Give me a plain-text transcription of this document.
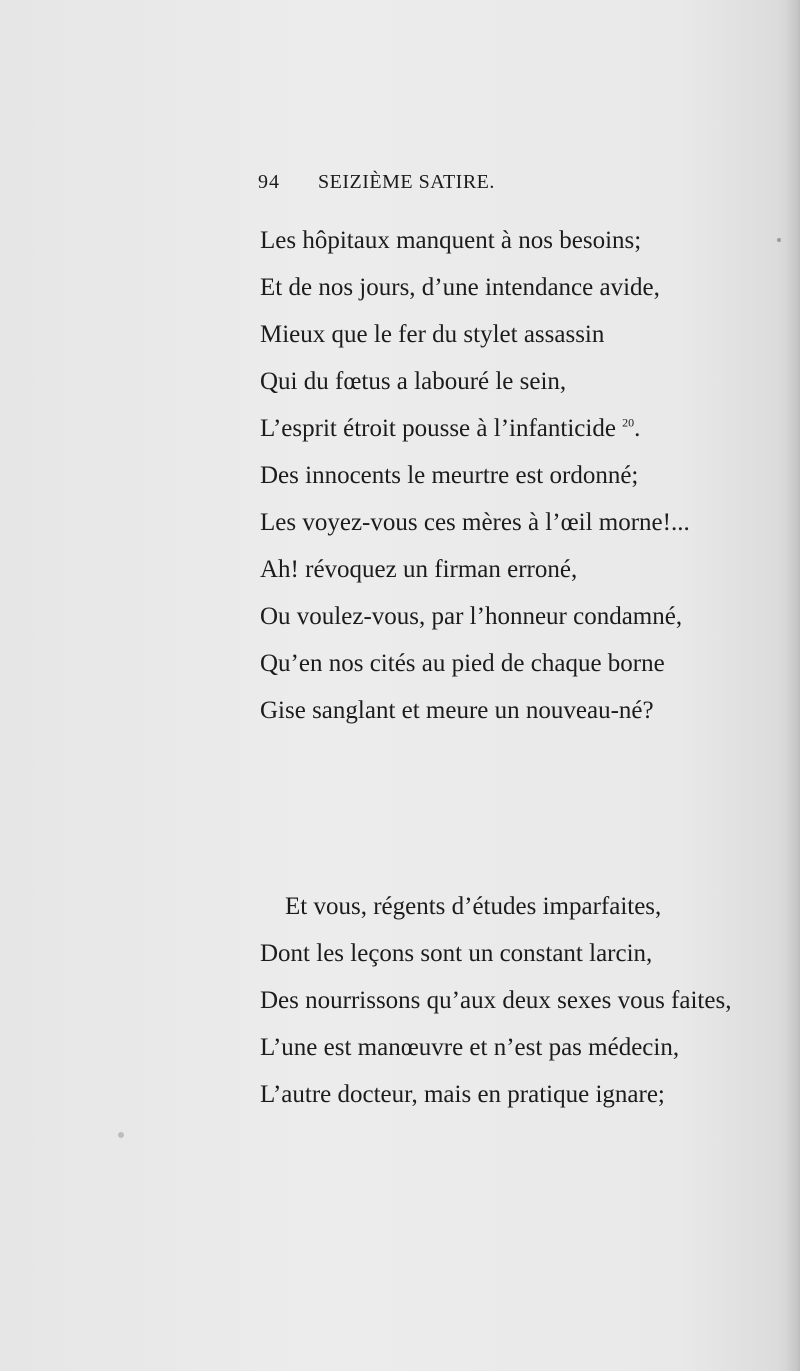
94 SEIZIÈME SATIRE.
Les hôpitaux manquent à nos besoins;
Et de nos jours, d’une intendance avide,
Mieux que le fer du stylet assassin
Qui du fœtus a labouré le sein,
L’esprit étroit pousse à l’infanticide $^{20}$.
Des innocents le meurtre est ordonné;
Les voyez-vous ces mères à l’œil morne!...
Ah! révoquez un firman erroné,
Ou voulez-vous, par l’honneur condamné,
Qu’en nos cités au pied de chaque borne
Gise sanglant et meure un nouveau-né?
Et vous, régents d’études imparfaites,
Dont les leçons sont un constant larcin,
Des nourrissons qu’aux deux sexes vous faites,
L’une est manœuvre et n’est pas médecin,
L’autre docteur, mais en pratique ignare;
